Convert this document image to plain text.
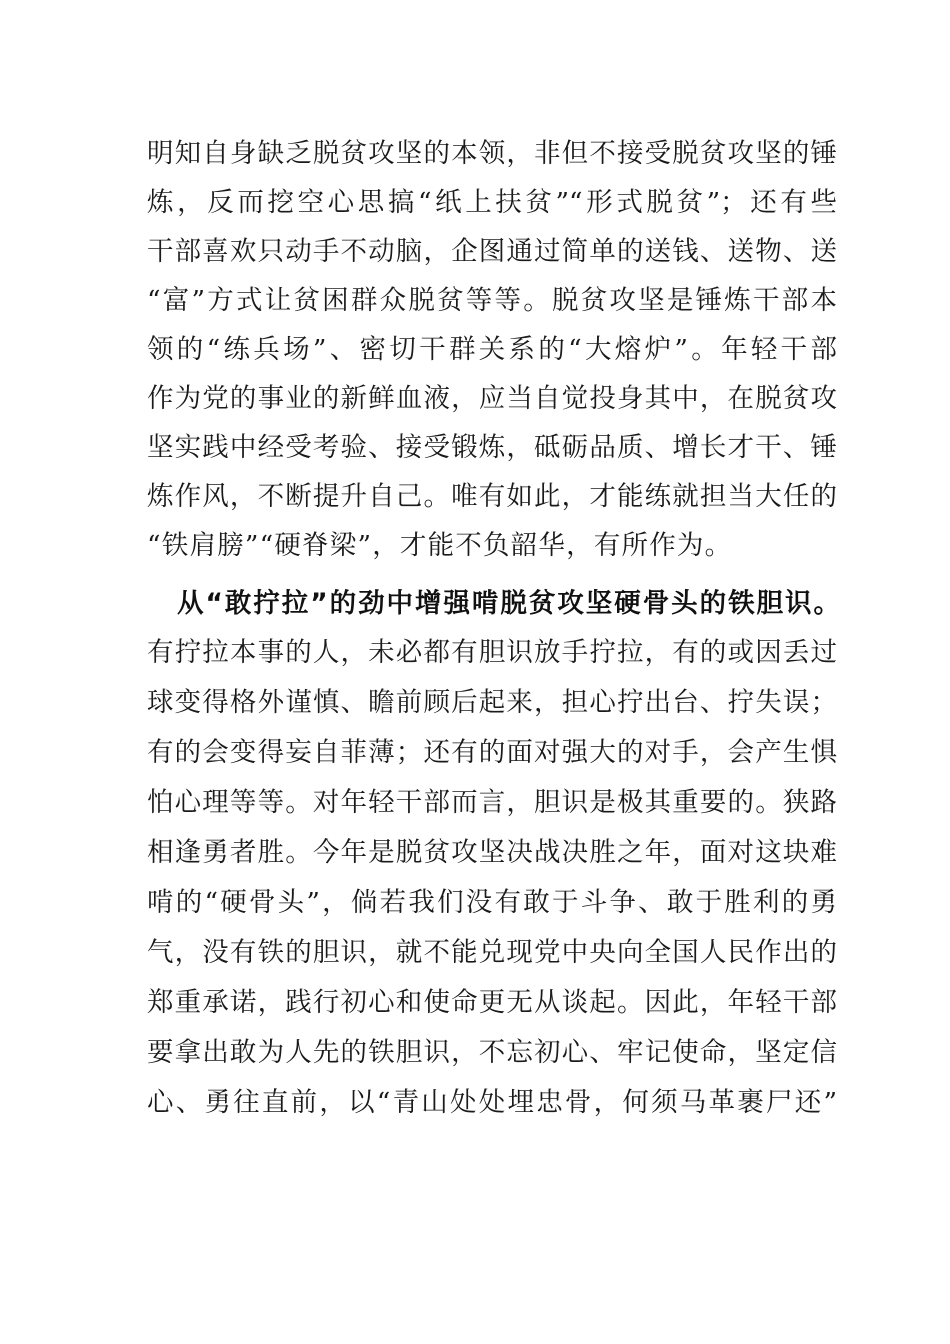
明知自身缺乏脱贫攻坚的本领，非但不接受脱贫攻坚的锤
炼，反而挖空心思搞“纸上扶贫”“形式脱贫”；还有些
干部喜欢只动手不动脑，企图通过简单的送钱、送物、送
“富”方式让贫困群众脱贫等等。脱贫攻坚是锤炼干部本
领的“练兵场”、密切干群关系的“大熔炉”。年轻干部
作为党的事业的新鲜血液，应当自觉投身其中，在脱贫攻
坚实践中经受考验、接受锻炼，砥砺品质、增长才干、锤
炼作风，不断提升自己。唯有如此，才能练就担当大任的
“铁肩膀”“硬脊梁”，才能不负韶华，有所作为。
从“敢拧拉”的劲中增强啃脱贫攻坚硬骨头的铁胆识。
有拧拉本事的人，未必都有胆识放手拧拉，有的或因丢过
球变得格外谨慎、瞻前顾后起来，担心拧出台、拧失误；
有的会变得妄自菲薄；还有的面对强大的对手，会产生惧
怕心理等等。对年轻干部而言，胆识是极其重要的。狭路
相逢勇者胜。今年是脱贫攻坚决战决胜之年，面对这块难
啃的“硬骨头”，倘若我们没有敢于斗争、敢于胜利的勇
气，没有铁的胆识，就不能兑现党中央向全国人民作出的
郑重承诺，践行初心和使命更无从谈起。因此，年轻干部
要拿出敢为人先的铁胆识，不忘初心、牢记使命，坚定信
心、勇往直前，以“青山处处埋忠骨，何须马革裹尸还”
